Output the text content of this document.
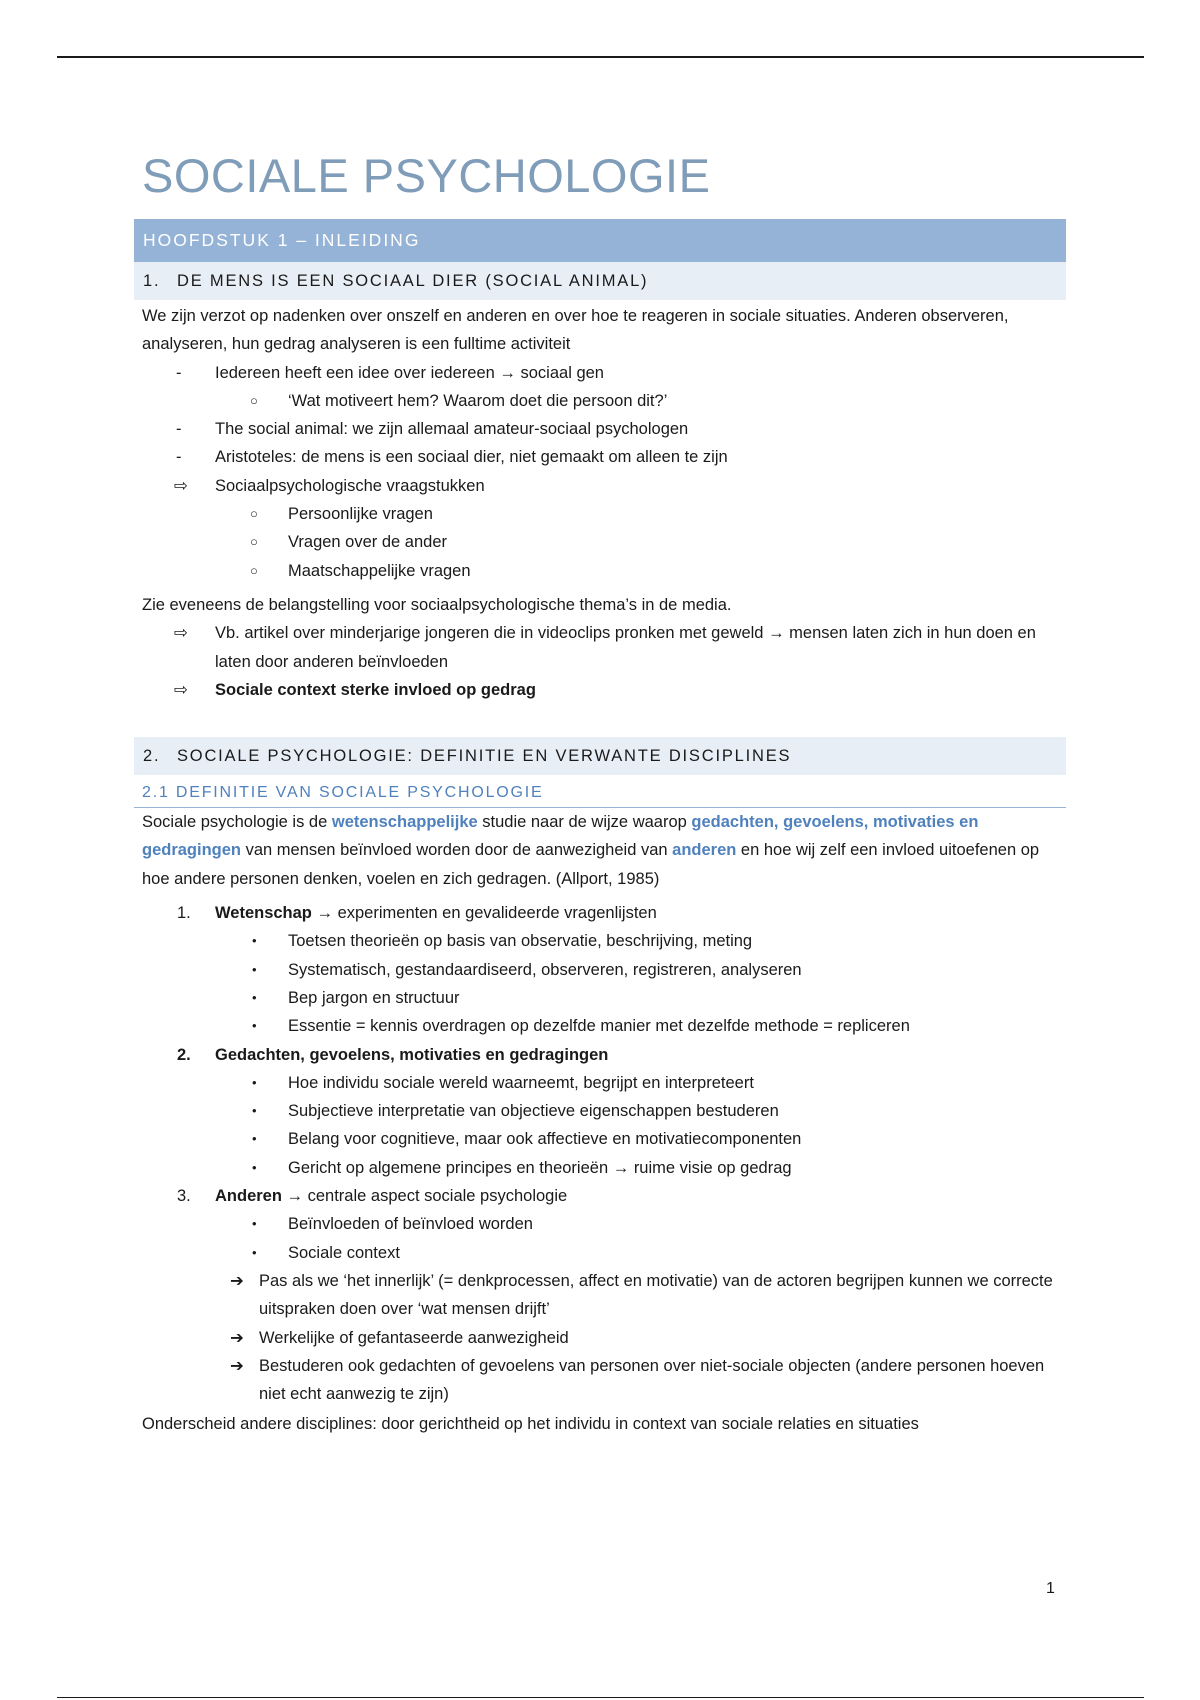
SOCIALE PSYCHOLOGIE
HOOFDSTUK 1 – INLEIDING
1. DE MENS IS EEN SOCIAAL DIER (SOCIAL ANIMAL)

We zijn verzot op nadenken over onszelf en anderen en over hoe te reageren in sociale situaties. Anderen observeren, analyseren, hun gedrag analyseren is een fulltime activiteit

- Iedereen heeft een idee over iedereen → sociaal gen
○ ‘Wat motiveert hem? Waarom doet die persoon dit?’
- The social animal: we zijn allemaal amateur-sociaal psychologen
- Aristoteles: de mens is een sociaal dier, niet gemaakt om alleen te zijn
⇨ Sociaalpsychologische vraagstukken
○ Persoonlijke vragen
○ Vragen over de ander
○ Maatschappelijke vragen

Zie eveneens de belangstelling voor sociaalpsychologische thema’s in de media.

⇨ Vb. artikel over minderjarige jongeren die in videoclips pronken met geweld → mensen laten zich in hun doen en laten door anderen beïnvloeden
⇨ Sociale context sterke invloed op gedrag
2. SOCIALE PSYCHOLOGIE: DEFINITIE EN VERWANTE DISCIPLINES
2.1 DEFINITIE VAN SOCIALE PSYCHOLOGIE

Sociale psychologie is de wetenschappelijke studie naar de wijze waarop gedachten, gevoelens, motivaties en gedragingen van mensen beïnvloed worden door de aanwezigheid van anderen en hoe wij zelf een invloed uitoefenen op hoe andere personen denken, voelen en zich gedragen. (Allport, 1985)

1. Wetenschap → experimenten en gevalideerde vragenlijsten
• Toetsen theorieën op basis van observatie, beschrijving, meting
• Systematisch, gestandaardiseerd, observeren, registreren, analyseren
• Bep jargon en structuur
• Essentie = kennis overdragen op dezelfde manier met dezelfde methode = repliceren
2. Gedachten, gevoelens, motivaties en gedragingen
• Hoe individu sociale wereld waarneemt, begrijpt en interpreteert
• Subjectieve interpretatie van objectieve eigenschappen bestuderen
• Belang voor cognitieve, maar ook affectieve en motivatiecomponenten
• Gericht op algemene principes en theorieën → ruime visie op gedrag
3. Anderen → centrale aspect sociale psychologie
• Beïnvloeden of beïnvloed worden
• Sociale context
➔ Pas als we ‘het innerlijk’ (= denkprocessen, affect en motivatie) van de actoren begrijpen kunnen we correcte uitspraken doen over ‘wat mensen drijft’
➔ Werkelijke of gefantaseerde aanwezigheid
➔ Bestuderen ook gedachten of gevoelens van personen over niet-sociale objecten (andere personen hoeven niet echt aanwezig te zijn)

Onderscheid andere disciplines: door gerichtheid op het individu in context van sociale relaties en situaties

1
